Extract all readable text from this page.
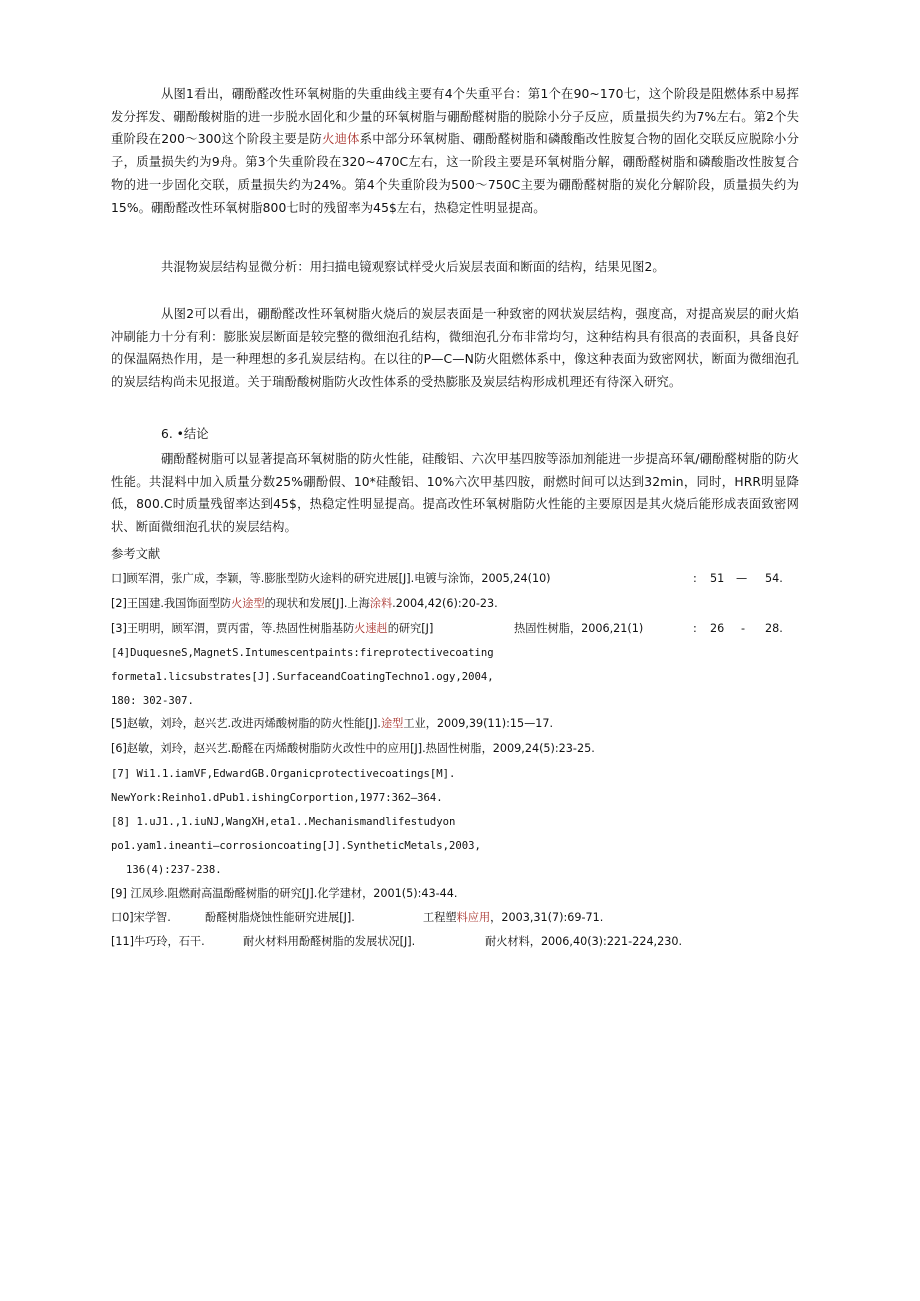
从图1看出，硼酚醛改性环氧树脂的失重曲线主要有4个失重平台：第1个在90~170七，这个阶段是阻燃体系中易挥发分挥发、硼酚酸树脂的进一步脱水固化和少量的环氧树脂与硼酚醛树脂的脱除小分子反应，质量损失约为7%左右。第2个失重阶段在200～300这个阶段主要是防火迪体系中部分环氧树脂、硼酚醛树脂和磷酸酯改性胺复合物的固化交联反应脱除小分子，质量损失约为9舟。第3个失重阶段在320~470C左右，这一阶段主要是环氧树脂分解，硼酚醛树脂和磷酸脂改性胺复合物的进一步固化交联，质量损失约为24%。第4个失重阶段为500～750C主要为硼酚醛树脂的炭化分解阶段，质量损失约为15%。硼酚醛改性环氧树脂800七时的残留率为45$左右，热稳定性明显提高。

共混物炭层结构显微分析：用扫描电镜观察试样受火后炭层表面和断面的结构，结果见图2。

从图2可以看出，硼酚醛改性环氧树脂火烧后的炭层表面是一种致密的网状炭层结构，强度高，对提高炭层的耐火焰冲刷能力十分有利：膨胀炭层断面是较完整的微细泡孔结构，微细泡孔分布非常均匀，这种结构具有很高的表面积，具备良好的保温隔热作用，是一种理想的多孔炭层结构。在以往的P—C—N防火阻燃体系中，像这种表面为致密网状，断面为微细泡孔的炭层结构尚未见报道。关于瑞酚酸树脂防火改性体系的受热膨胀及炭层结构形成机理还有待深入研究。

6. •结论

硼酚醛树脂可以显著提高环氧树脂的防火性能，硅酸铝、六次甲基四胺等添加剂能进一步提高环氧/硼酚醛树脂的防火性能。共混料中加入质量分数25%硼酚假、10*硅酸铝、10%六次甲基四胺，耐燃时间可以达到32min，同时，HRR明显降低，800.C时质量残留率达到45$，热稳定性明显提高。提高改性环氧树脂防火性能的主要原因是其火烧后能形成表面致密网状、断面微细泡孔状的炭层结构。

参考文献

口]顾军渭，张广成，李颖，等.膨胀型防火途料的研究进展[J].电镀与涂饰，2005,24(10)	: 51 — 54.

[2]王国建.我国饰面型防火途型的现状和发展[J].上海涂料.2004,42(6):20-23.

[3]王明明，顾军渭，贾丙雷，等.热固性树脂基防火速赳的研究[J]	热固性树脂，2006,21(1)	: 26 - 28.

[4]DuquesneS,MagnetS.Intumescentpaints:fireprotectivecoating

formeta1.licsubstrates[J].SurfaceandCoatingTechno1.ogy,2004,

180: 302-307.

[5]赵敏，刘玲，赵兴艺.改进丙烯酸树脂的防火性能[J].途型工业，2009,39(11):15—17.

[6]赵敏，刘玲，赵兴艺.酚醛在丙烯酸树脂防火改性中的应用[J].热固性树脂，2009,24(5):23-25.

[7] Wi1.1.iamVF,EdwardGB.Organicprotectivecoatings[M].

NewYork:Reinho1.dPub1.ishingCorportion,1977:362—364.

[8] 1.uJ1.,1.iuNJ,WangXH,eta1..Mechanismandlifestudyon

po1.yam1.ineanti—corrosioncoating[J].SyntheticMetals,2003,

136(4):237-238.

[9] 江凤珍.阻燃耐高温酚醛树脂的研究[J].化学建材，2001(5):43-44.

口0]宋学智.	酚醛树脂烧蚀性能研究进展[J].	工程塑料应用，2003,31(7):69-71.

[11]牛巧玲，石干.	耐火材料用酚醛树脂的发展状况[J].	耐火材料，2006,40(3):221-224,230.
